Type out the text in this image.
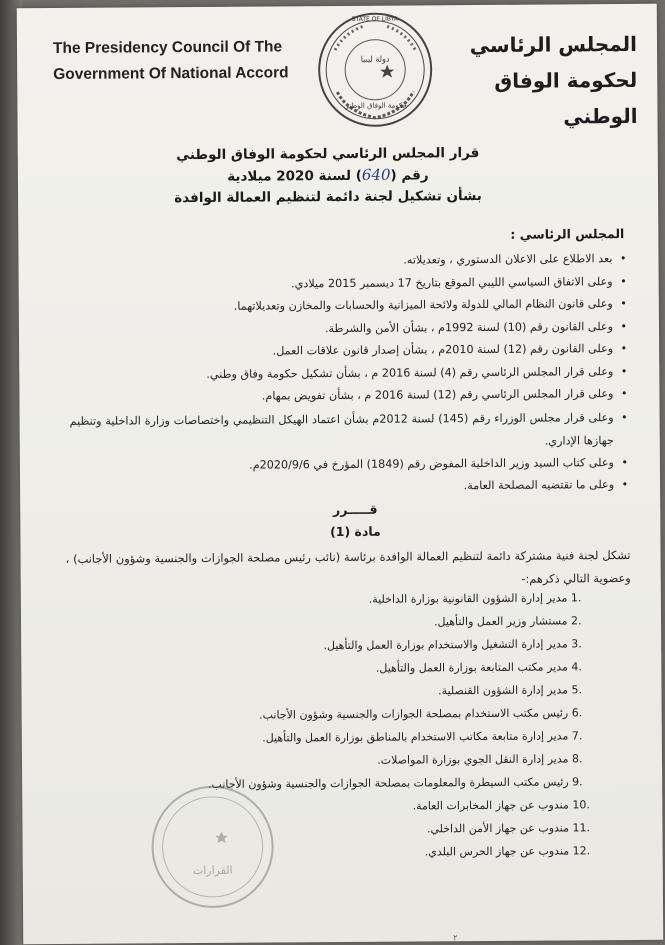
The Presidency Council Of The
Government Of National Accord
STATE OF LIBYA
دولة ليبيا
حكومة الوفاق الوطني
المجلس الرئاسي
لحكومة الوفاق الوطني
قرار المجلس الرئاسي لحكومة الوفاق الوطني
رقم (640) لسنة 2020 ميلادية
بشأن تشكيل لجنة دائمة لتنظيم العمالة الوافدة
المجلس الرئاسي :
• بعد الاطلاع على الاعلان الدستوري ، وتعديلاته.
• وعلى الاتفاق السياسي الليبي الموقع بتاريخ 17 ديسمبر 2015 ميلادي.
• وعلى قانون النظام المالي للدولة ولائحة الميزانية والحسابات والمخازن وتعديلاتهما.
• وعلى القانون رقم (10) لسنة 1992م ، بشأن الأمن والشرطة.
• وعلى القانون رقم (12) لسنة 2010م ، بشأن إصدار قانون علاقات العمل.
• وعلى قرار المجلس الرئاسي رقم (4) لسنة 2016 م ، بشأن تشكيل حكومة وفاق وطني.
• وعلى قرار المجلس الرئاسي رقم (12) لسنة 2016 م ، بشأن تفويض بمهام.
• وعلى قرار مجلس الوزراء رقم (145) لسنة 2012م بشأن اعتماد الهيكل التنظيمي واختصاصات وزارة الداخلية وتنظيم جهازها الإداري.
• وعلى كتاب السيد وزير الداخلية المفوض رقم (1849) المؤرخ في 2020/9/6م.
• وعلى ما تقتضيه المصلحة العامة.
قـــــرر
مادة (1)
تشكل لجنة فنية مشتركة دائمة لتنظيم العمالة الوافدة برئاسة (نائب رئيس مصلحة الجوازات والجنسية وشؤون الأجانب) ، وعضوية التالي ذكرهم:-
1. مدير إدارة الشؤون القانونية بوزارة الداخلية.
2. مستشار وزير العمل والتأهيل.
3. مدير إدارة التشغيل والاستخدام بوزارة العمل والتأهيل.
4. مدير مكتب المتابعة بوزارة العمل والتأهيل.
5. مدير إدارة الشؤون القنصلية.
6. رئيس مكتب الاستخدام بمصلحة الجوازات والجنسية وشؤون الأجانب.
7. مدير إدارة متابعة مكاتب الاستخدام بالمناطق بوزارة العمل والتأهيل.
8. مدير إدارة النقل الجوي بوزارة المواصلات.
9. رئيس مكتب السيطرة والمعلومات بمصلحة الجوازات والجنسية وشؤون الأجانب.
10. مندوب عن جهاز المخابرات العامة.
11. مندوب عن جهاز الأمن الداخلي.
12. مندوب عن جهاز الحرس البلدي.
القرارات
٢
